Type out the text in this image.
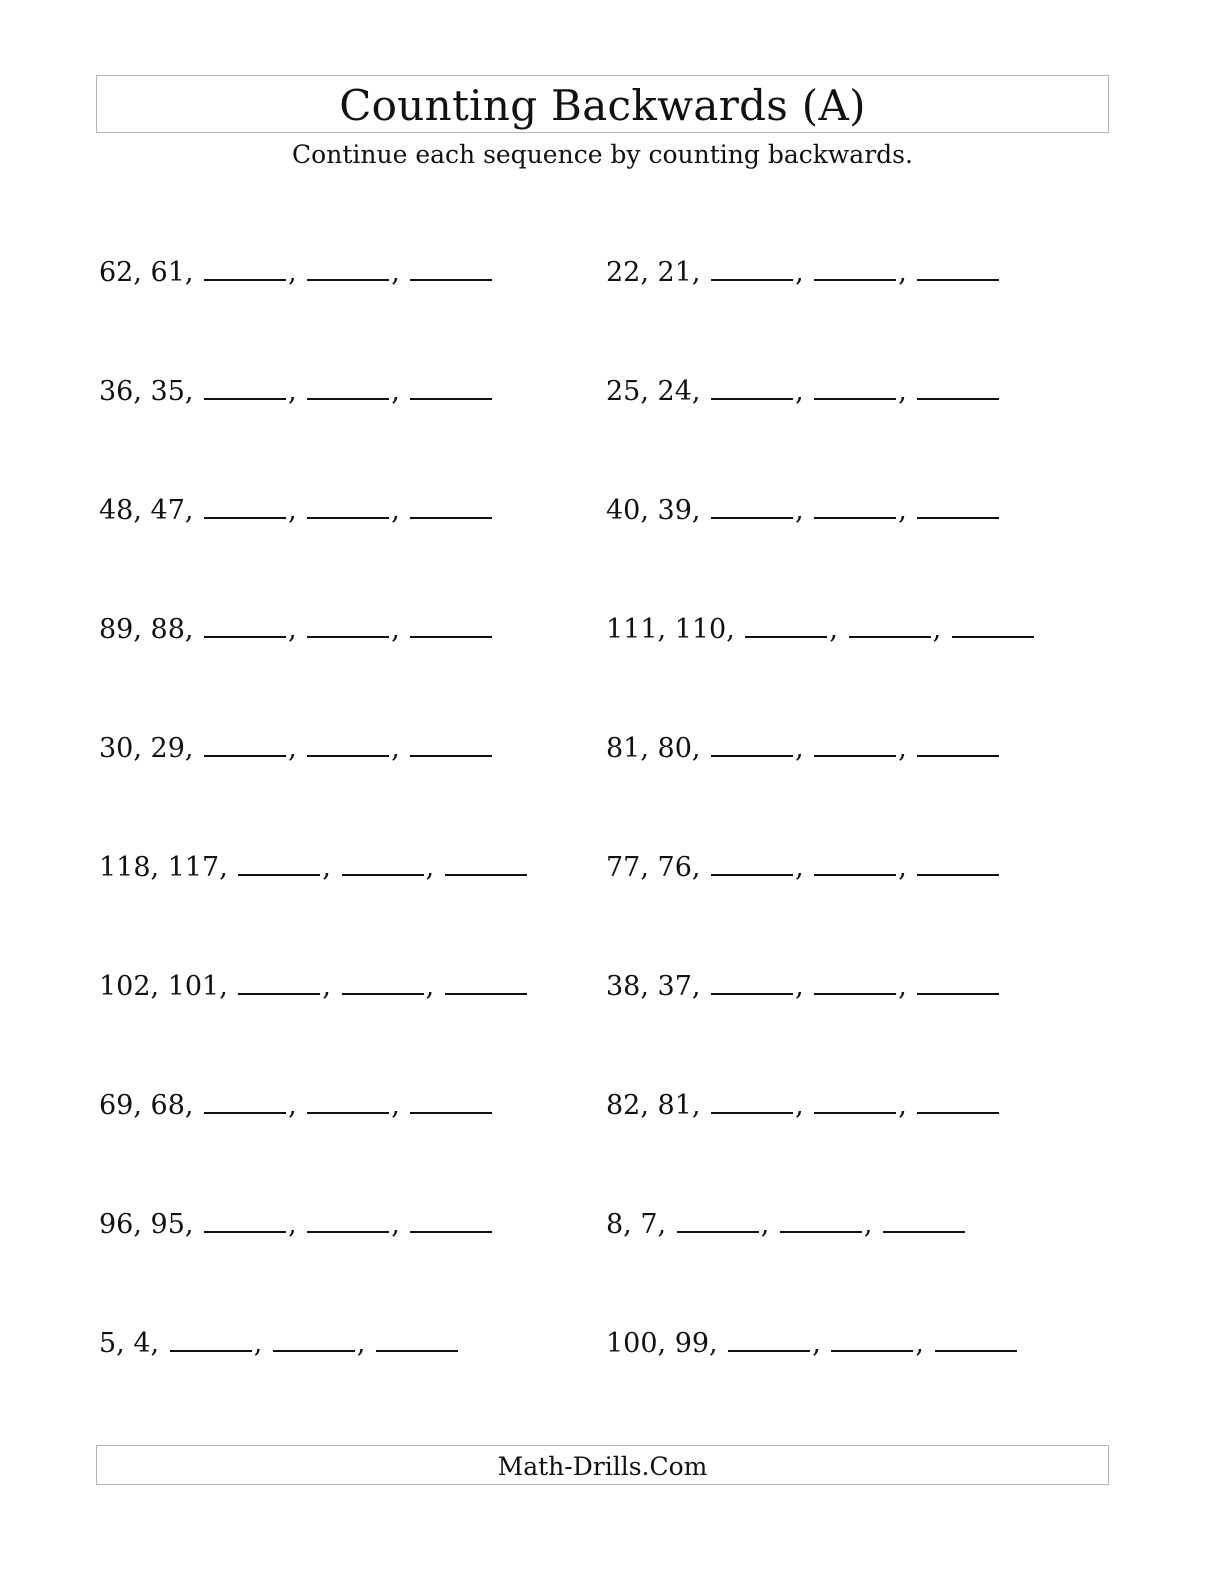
Counting Backwards (A)
Continue each sequence by counting backwards.
62, 61,	,	,	22, 21,	,	,
36, 35,	,	,	25, 24,	,	,
48, 47,	,	,	40, 39,	,	,
89, 88,	,	,	111, 110,	,	,
30, 29,	,	,	81, 80,	,	,
118, 117,	,	,	77, 76,	,	,
102, 101,	,	,	38, 37,	,	,
69, 68,	,	,	82, 81,	,	,
96, 95,	,	,	8, 7,	,	,
5, 4,	,	,	100, 99,	,	,
Math-Drills.Com
